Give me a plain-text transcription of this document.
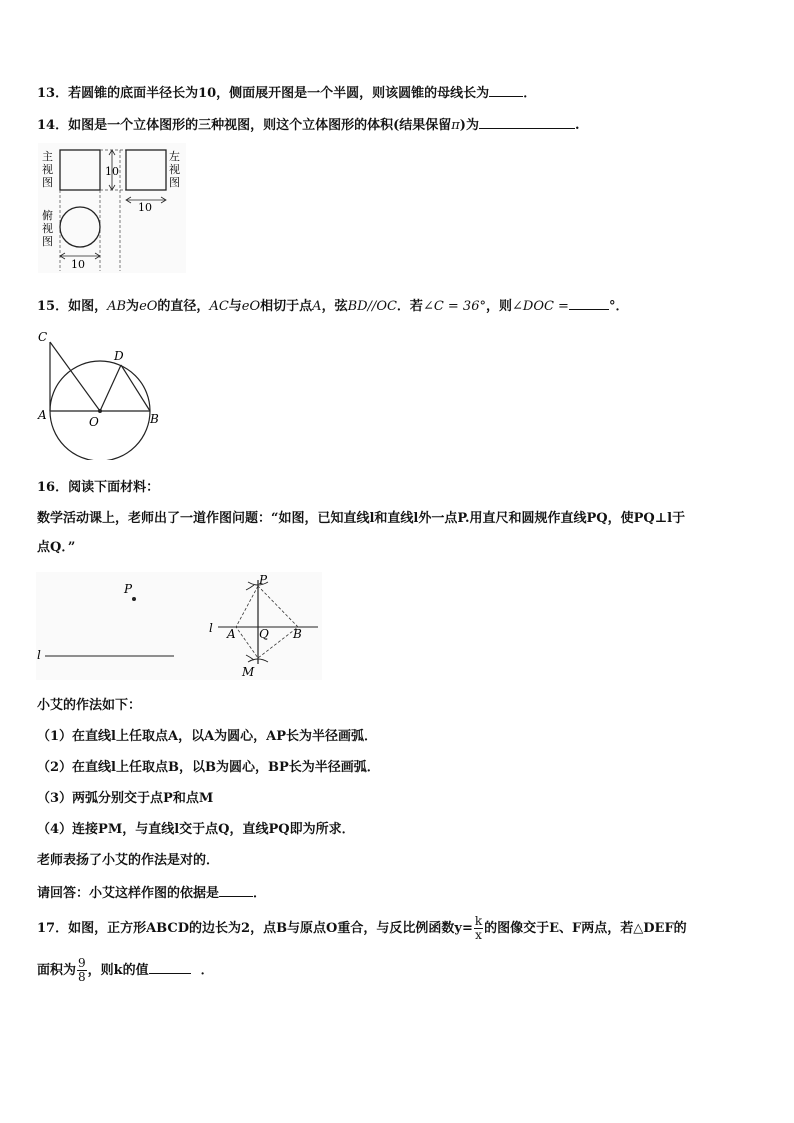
13．若圆锥的底面半径长为10，侧面展开图是一个半圆，则该圆锥的母线长为	．
14．如图是一个立体图形的三种视图，则这个立体图形的体积(结果保留π)为	.
主
视
图
10
左
视
图
10
俯
视
图
10
15．如图，AB为eO的直径，AC与eO相切于点A，弦BD//OC．若∠C = 36°，则∠DOC =	°．
C
D
A	O	B
16．阅读下面材料：
数学活动课上，老师出了一道作图问题：“如图，已知直线l和直线l外一点P.用直尺和圆规作直线PQ，使PQ⊥l于
点Q．”
P
l
l
P
A Q B
M
小艾的作法如下：
（1）在直线l上任取点A，以A为圆心，AP长为半径画弧．
（2）在直线l上任取点B，以B为圆心，BP长为半径画弧．
（3）两弧分别交于点P和点M
（4）连接PM，与直线l交于点Q，直线PQ即为所求．
老师表扬了小艾的作法是对的．
请回答：小艾这样作图的依据是	．
17．如图，正方形ABCD的边长为2，点B与原点O重合，与反比例函数$y= \frac{k}{x}$ 的图像交于E、F两点，若△DEF的
面积为 $\frac{9}{8}$ ，则k的值	．
